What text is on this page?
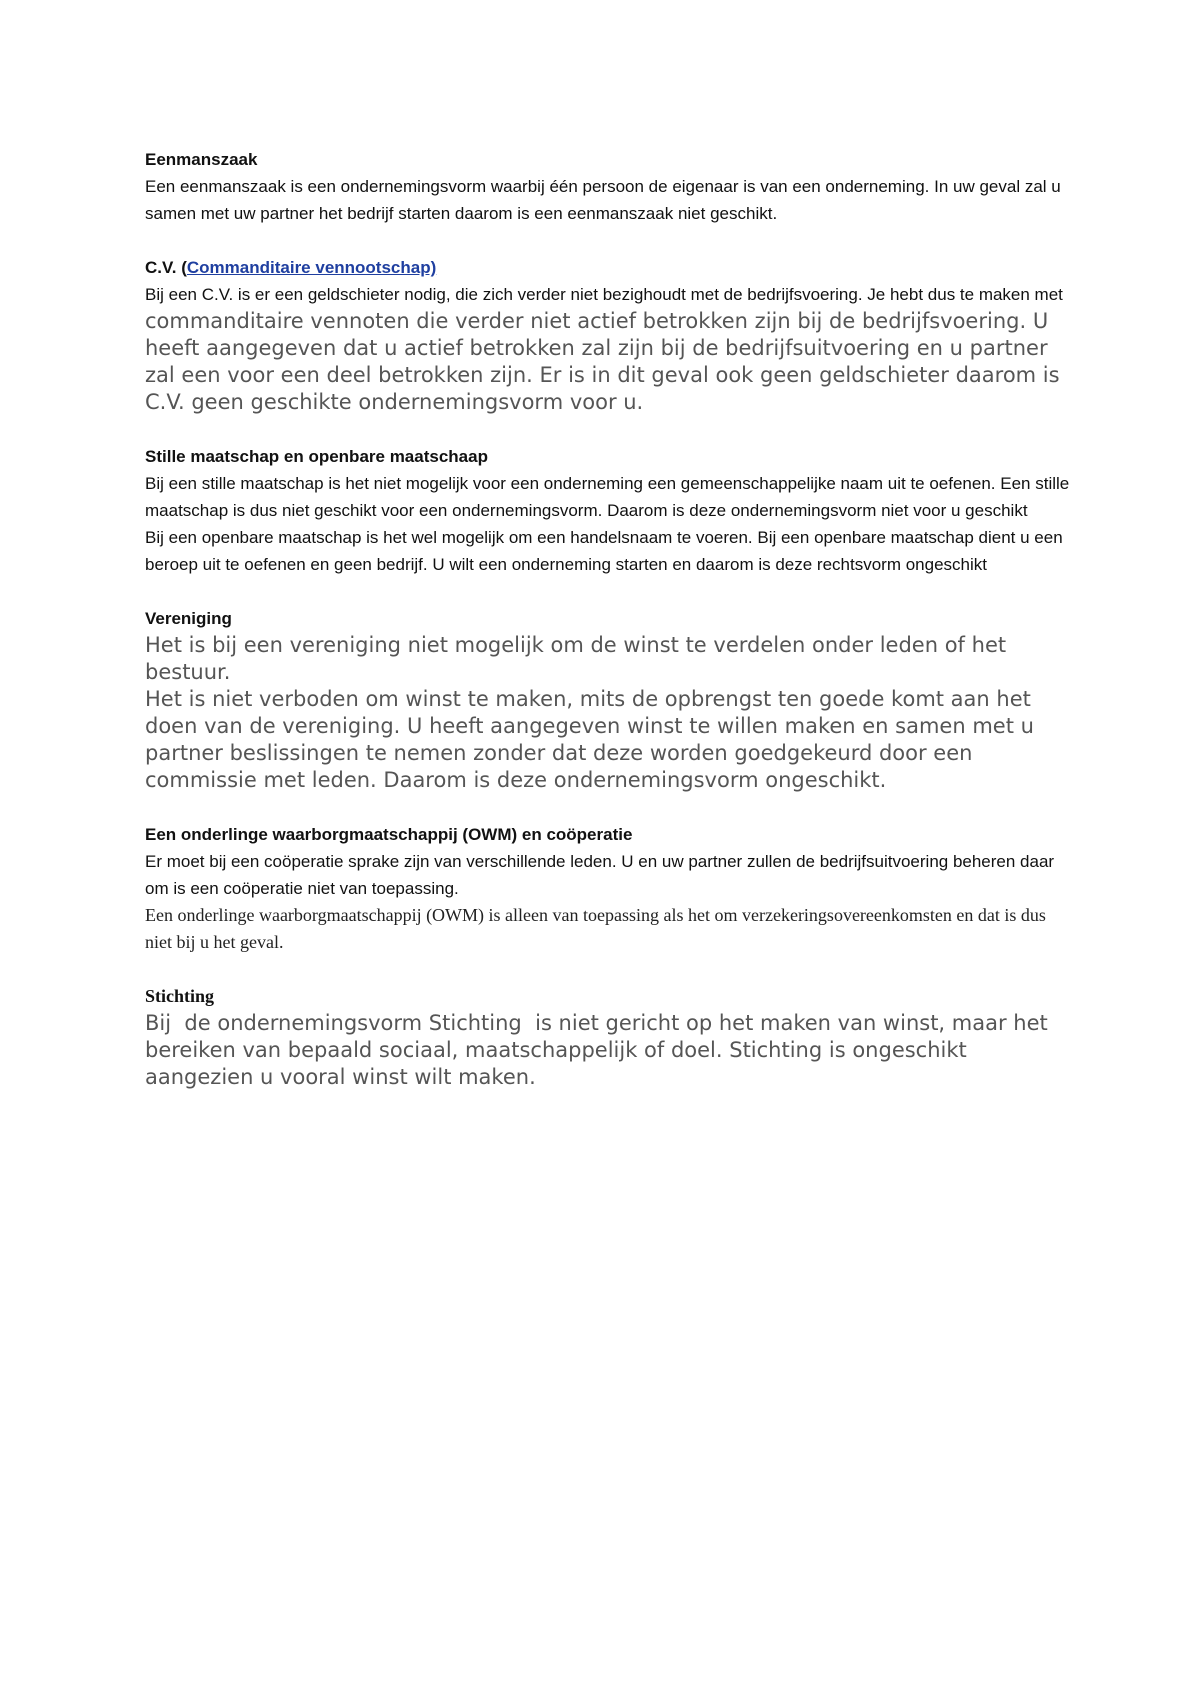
Eenmanszaak

Een eenmanszaak is een ondernemingsvorm waarbij één persoon de eigenaar is van een onderneming. In uw geval zal u samen met uw partner het bedrijf starten daarom is een eenmanszaak niet geschikt.

C.V. (Commanditaire vennootschap)

Bij een C.V. is er een geldschieter nodig, die zich verder niet bezighoudt met de bedrijfsvoering. Je hebt dus te maken met commanditaire vennoten die verder niet actief betrokken zijn bij de bedrijfsvoering. U heeft aangegeven dat u actief betrokken zal zijn bij de bedrijfsuitvoering en u partner zal een voor een deel betrokken zijn. Er is in dit geval ook geen geldschieter daarom is C.V. geen geschikte ondernemingsvorm voor u.

Stille maatschap en openbare maatschaap

Bij een stille maatschap is het niet mogelijk voor een onderneming een gemeenschappelijke naam uit te oefenen. Een stille maatschap is dus niet geschikt voor een ondernemingsvorm. Daarom is deze ondernemingsvorm niet voor u geschikt

Bij een openbare maatschap is het wel mogelijk om een handelsnaam te voeren. Bij een openbare maatschap dient u een beroep uit te oefenen en geen bedrijf. U wilt een onderneming starten en daarom is deze rechtsvorm ongeschikt

Vereniging

Het is bij een vereniging niet mogelijk om de winst te verdelen onder leden of het bestuur.

Het is niet verboden om winst te maken, mits de opbrengst ten goede komt aan het doen van de vereniging. U heeft aangegeven winst te willen maken en samen met u partner beslissingen te nemen zonder dat deze worden goedgekeurd door een commissie met leden. Daarom is deze ondernemingsvorm ongeschikt.

Een onderlinge waarborgmaatschappij (OWM) en coöperatie

Er moet bij een coöperatie sprake zijn van verschillende leden. U en uw partner zullen de bedrijfsuitvoering beheren daar om is een coöperatie niet van toepassing.

Een onderlinge waarborgmaatschappij (OWM) is alleen van toepassing als het om verzekeringsovereenkomsten en dat is dus niet bij u het geval.

Stichting

Bij  de ondernemingsvorm Stichting  is niet gericht op het maken van winst, maar het bereiken van bepaald sociaal, maatschappelijk of doel. Stichting is ongeschikt aangezien u vooral winst wilt maken.
